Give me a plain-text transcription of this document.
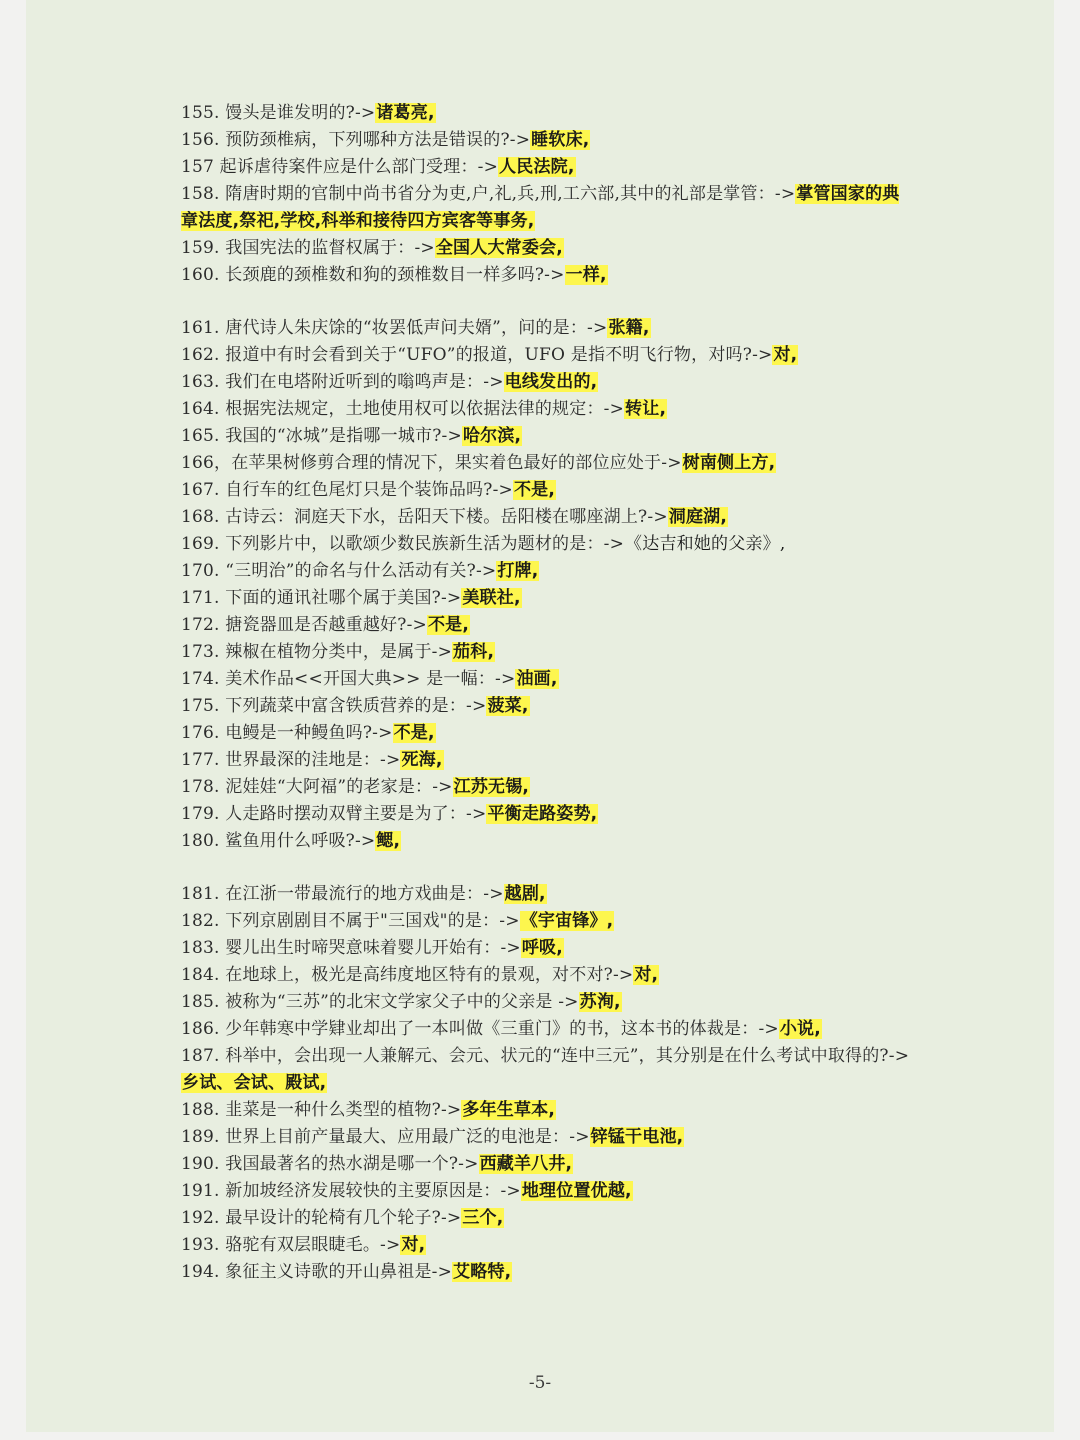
155. 馒头是谁发明的?->诸葛亮,
156. 预防颈椎病，下列哪种方法是错误的?->睡软床,
157 起诉虐待案件应是什么部门受理：->人民法院,
158. 隋唐时期的官制中尚书省分为吏,户,礼,兵,刑,工六部,其中的礼部是掌管：->掌管国家的典章法度,祭祀,学校,科举和接待四方宾客等事务,
159. 我国宪法的监督权属于：->全国人大常委会,
160. 长颈鹿的颈椎数和狗的颈椎数目一样多吗?->一样,
161. 唐代诗人朱庆馀的“妆罢低声问夫婿”，问的是：->张籍,
162. 报道中有时会看到关于“UFO”的报道，UFO 是指不明飞行物，对吗?->对,
163. 我们在电塔附近听到的嗡鸣声是：->电线发出的,
164. 根据宪法规定，土地使用权可以依据法律的规定：->转让,
165. 我国的“冰城”是指哪一城市?->哈尔滨,
166，在苹果树修剪合理的情况下，果实着色最好的部位应处于->树南侧上方,
167. 自行车的红色尾灯只是个装饰品吗?->不是,
168. 古诗云：洞庭天下水，岳阳天下楼。岳阳楼在哪座湖上?->洞庭湖,
169. 下列影片中，以歌颂少数民族新生活为题材的是：->《达吉和她的父亲》,
170. “三明治”的命名与什么活动有关?->打牌,
171. 下面的通讯社哪个属于美国?->美联社,
172. 搪瓷器皿是否越重越好?->不是,
173. 辣椒在植物分类中，是属于->茄科,
174. 美术作品<<开国大典>> 是一幅：->油画,
175. 下列蔬菜中富含铁质营养的是：->菠菜,
176. 电鳗是一种鳗鱼吗?->不是,
177. 世界最深的洼地是：->死海,
178. 泥娃娃“大阿福”的老家是：->江苏无锡,
179. 人走路时摆动双臂主要是为了：->平衡走路姿势,
180. 鲨鱼用什么呼吸?->鳃,
181. 在江浙一带最流行的地方戏曲是：->越剧,
182. 下列京剧剧目不属于"三国戏"的是：->《宇宙锋》,
183. 婴儿出生时啼哭意味着婴儿开始有：->呼吸,
184. 在地球上，极光是高纬度地区特有的景观，对不对?->对,
185. 被称为“三苏”的北宋文学家父子中的父亲是 ->苏洵,
186. 少年韩寒中学肄业却出了一本叫做《三重门》的书，这本书的体裁是：->小说,
187. 科举中，会出现一人兼解元、会元、状元的“连中三元”，其分别是在什么考试中取得的?->乡试、会试、殿试,
188. 韭菜是一种什么类型的植物?->多年生草本,
189. 世界上目前产量最大、应用最广泛的电池是：->锌锰干电池,
190. 我国最著名的热水湖是哪一个?->西藏羊八井,
191. 新加坡经济发展较快的主要原因是：->地理位置优越,
192. 最早设计的轮椅有几个轮子?->三个,
193. 骆驼有双层眼睫毛。->对,
194. 象征主义诗歌的开山鼻祖是->艾略特,
-5-
